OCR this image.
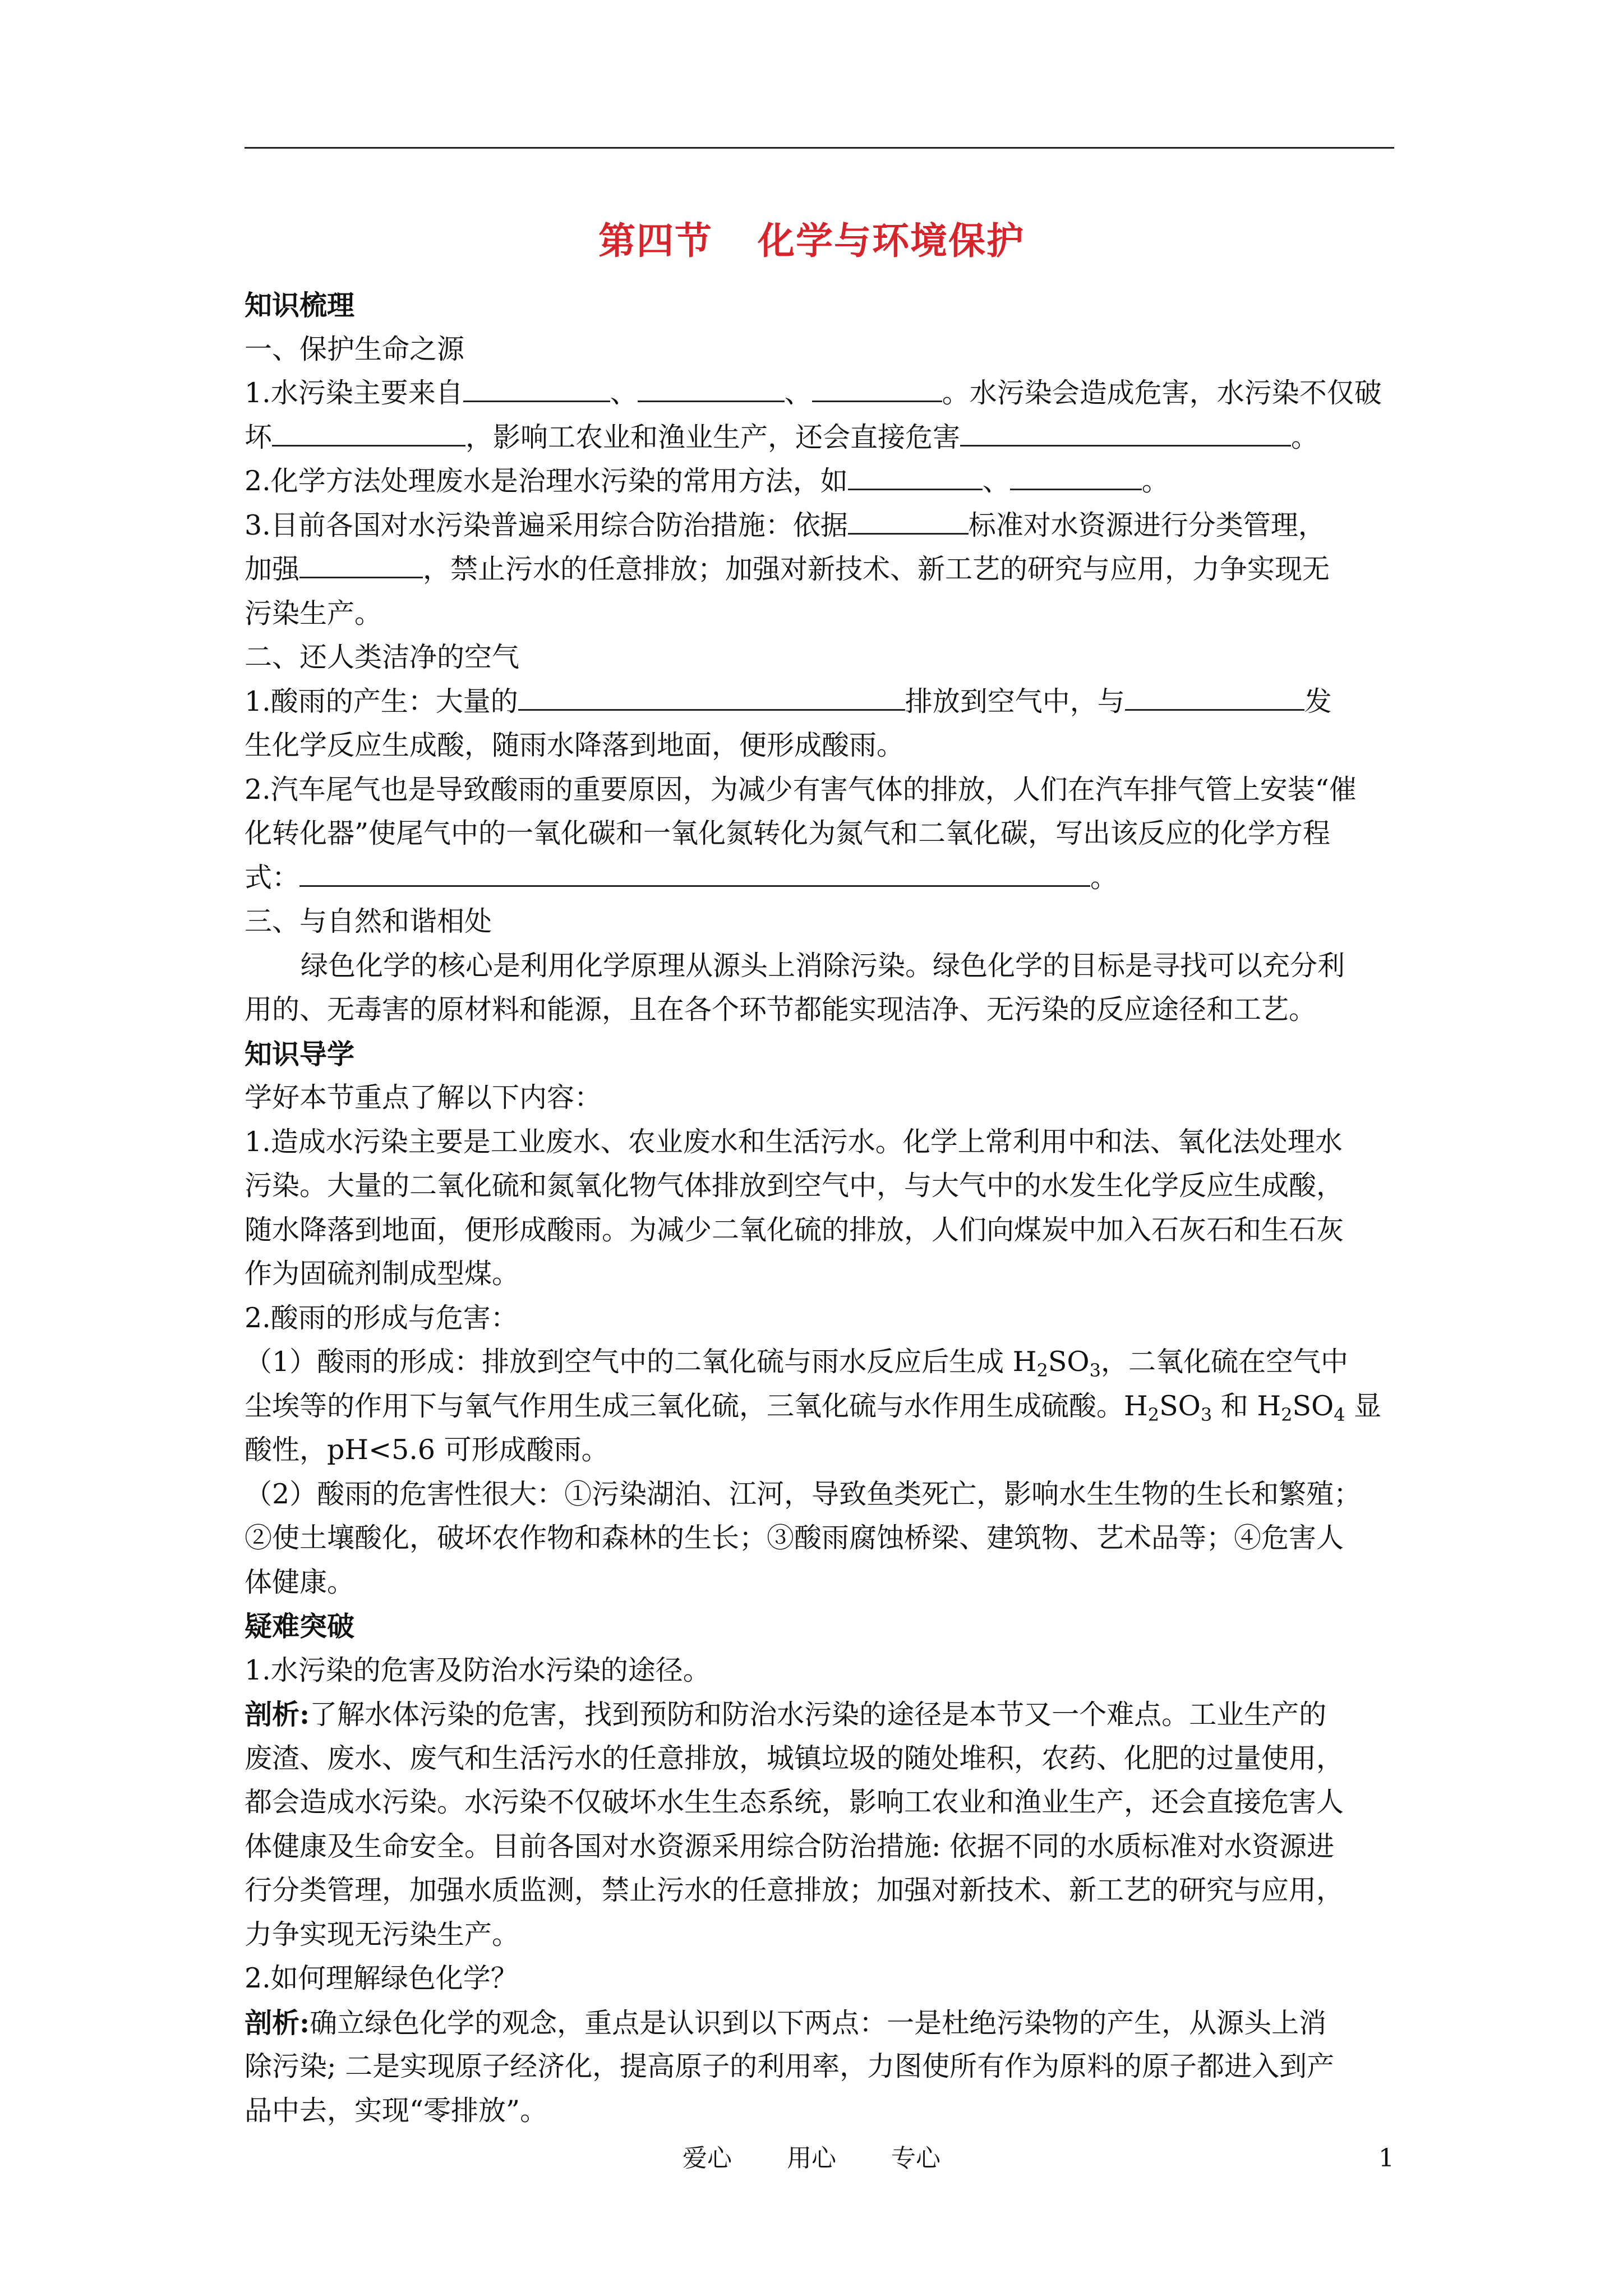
第四节 化学与环境保护
知识梳理
一、保护生命之源
1.水污染主要来自	、	、	。水污染会造成危害，水污染不仅破
坏	，影响工农业和渔业生产，还会直接危害	。
2.化学方法处理废水是治理水污染的常用方法，如	、	。
3.目前各国对水污染普遍采用综合防治措施：依据	标准对水资源进行分类管理，
加强	，禁止污水的任意排放；加强对新技术、新工艺的研究与应用，力争实现无
污染生产。
二、还人类洁净的空气
1.酸雨的产生：大量的	排放到空气中，与	发
生化学反应生成酸，随雨水降落到地面，便形成酸雨。
2.汽车尾气也是导致酸雨的重要原因，为减少有害气体的排放，人们在汽车排气管上安装“催
化转化器”使尾气中的一氧化碳和一氧化氮转化为氮气和二氧化碳，写出该反应的化学方程
式：	。
三、与自然和谐相处
绿色化学的核心是利用化学原理从源头上消除污染。绿色化学的目标是寻找可以充分利
用的、无毒害的原材料和能源，且在各个环节都能实现洁净、无污染的反应途径和工艺。
知识导学
学好本节重点了解以下内容：
1.造成水污染主要是工业废水、农业废水和生活污水。化学上常利用中和法、氧化法处理水
污染。大量的二氧化硫和氮氧化物气体排放到空气中，与大气中的水发生化学反应生成酸，
随水降落到地面，便形成酸雨。为减少二氧化硫的排放，人们向煤炭中加入石灰石和生石灰
作为固硫剂制成型煤。
2.酸雨的形成与危害：
（1）酸雨的形成：排放到空气中的二氧化硫与雨水反应后生成 $H_2SO_3$，二氧化硫在空气中
尘埃等的作用下与氧气作用生成三氧化硫，三氧化硫与水作用生成硫酸。$H_2SO_3$ 和 $H_2SO_4$ 显
酸性，pH<5.6 可形成酸雨。
（2）酸雨的危害性很大：①污染湖泊、江河，导致鱼类死亡，影响水生生物的生长和繁殖；
②使土壤酸化，破坏农作物和森林的生长；③酸雨腐蚀桥梁、建筑物、艺术品等；④危害人
体健康。
疑难突破
1.水污染的危害及防治水污染的途径。
剖析:了解水体污染的危害，找到预防和防治水污染的途径是本节又一个难点。工业生产的
废渣、废水、废气和生活污水的任意排放，城镇垃圾的随处堆积，农药、化肥的过量使用，
都会造成水污染。水污染不仅破坏水生生态系统，影响工农业和渔业生产，还会直接危害人
体健康及生命安全。目前各国对水资源采用综合防治措施: 依据不同的水质标准对水资源进
行分类管理，加强水质监测，禁止污水的任意排放；加强对新技术、新工艺的研究与应用，
力争实现无污染生产。
2.如何理解绿色化学？
剖析:确立绿色化学的观念，重点是认识到以下两点：一是杜绝污染物的产生，从源头上消
除污染; 二是实现原子经济化，提高原子的利用率，力图使所有作为原料的原子都进入到产
品中去，实现“零排放”。
爱心 用心 专心	1
